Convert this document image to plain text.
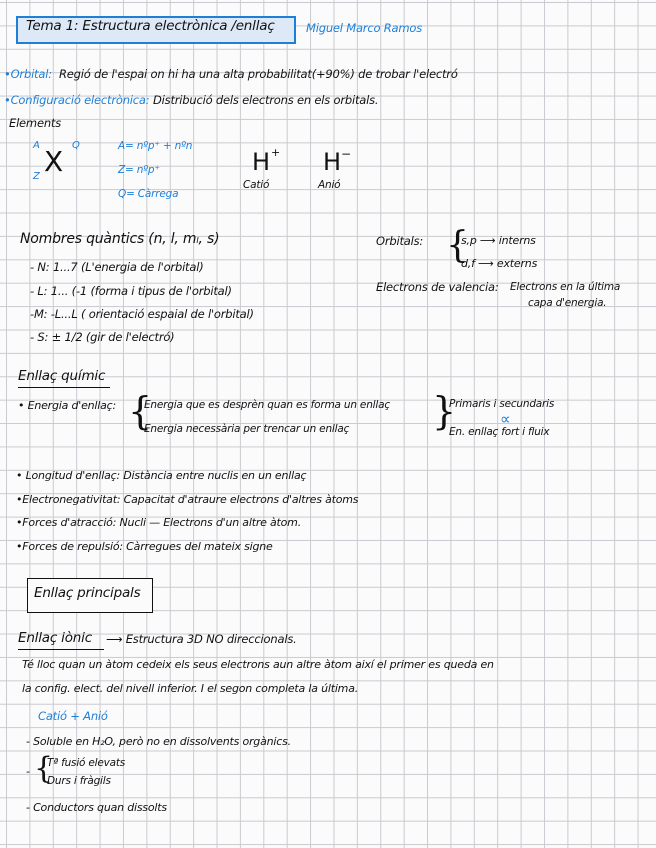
Tema 1: Estructura electrònica /enllaç	Miguel Marco Ramos
•Orbital: Regió de l'espai on hi ha una alta probabilitat(+90%) de trobar l'electró
•Configuració electrònica: Distribució dels electrons en els orbitals.
Elements
A	Q
Z X	A= nºp⁺ + nºn
Z= nºp⁺
Q= Càrrega
H +
Catió
H −
Anió
Nombres quàntics (n, l, mₗ, s)
- N: 1...7 (L'energia de l'orbital)
- L: 1... (-1 (forma i tipus de l'orbital)
-M: -L...L ( orientació espaial de l'orbital)
- S: ± 1/2 (gir de l'electró)
Orbitals: {
s,p ⟶ interns
d,f ⟶ externs
Electrons de valencia: Electrons en la última
capa d'energia.
Enllaç químic
• Energia d'enllaç: {
Energia que es desprèn quan es forma un enllaç
Energia necessària per trencar un enllaç }
Primaris i secundaris
∝
En. enllaç fort i fluix
• Longitud d'enllaç: Distància entre nuclis en un enllaç
•Electronegativitat: Capacitat d'atraure electrons d'altres àtoms
•Forces d'atracció: Nucli — Electrons d'un altre àtom.
•Forces de repulsió: Càrregues del mateix signe
Enllaç principals
Enllaç iònic ⟶ Estructura 3D NO direccionals.
Té lloc quan un àtom cedeix els seus electrons aun altre àtom així el primer es queda en
la config. elect. del nivell inferior. I el segon completa la última.
Catió + Anió
- Soluble en H₂O, però no en dissolvents orgànics.
- {
Tª fusió elevats
Durs i fràgils
- Conductors quan dissolts
